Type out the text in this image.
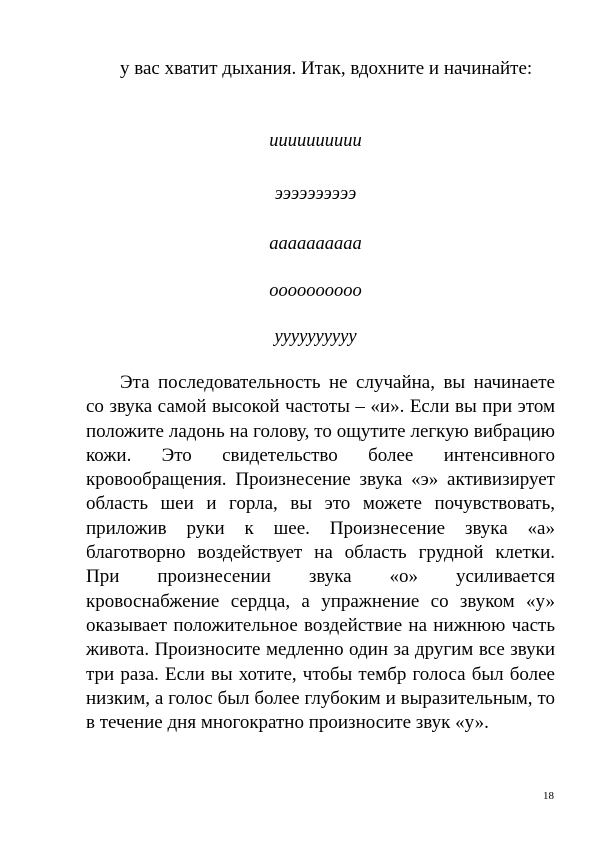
у вас хватит дыхания. Итак, вдохните и начинайте:

ииииииииии
ээээээээээ
аааааааааа
оооооооооо
уууууууууу

Эта последовательность не случайна, вы начинаете со звука самой высокой частоты – «и». Если вы при этом положите ладонь на голову, то ощутите легкую вибрацию кожи. Это свидетельство более интенсивного кровообращения. Произнесение звука «э» активизирует область шеи и горла, вы это можете почувствовать, приложив руки к шее. Произнесение звука «а» благотворно воздействует на область грудной клетки. При произнесении звука «о» усиливается кровоснабжение сердца, а упражнение со звуком «у» оказывает положительное воздействие на нижнюю часть живота. Произносите медленно один за другим все звуки три раза. Если вы хотите, чтобы тембр голоса был более низким, а голос был более глубоким и выразительным, то в течение дня многократно произносите звук «у».

18
